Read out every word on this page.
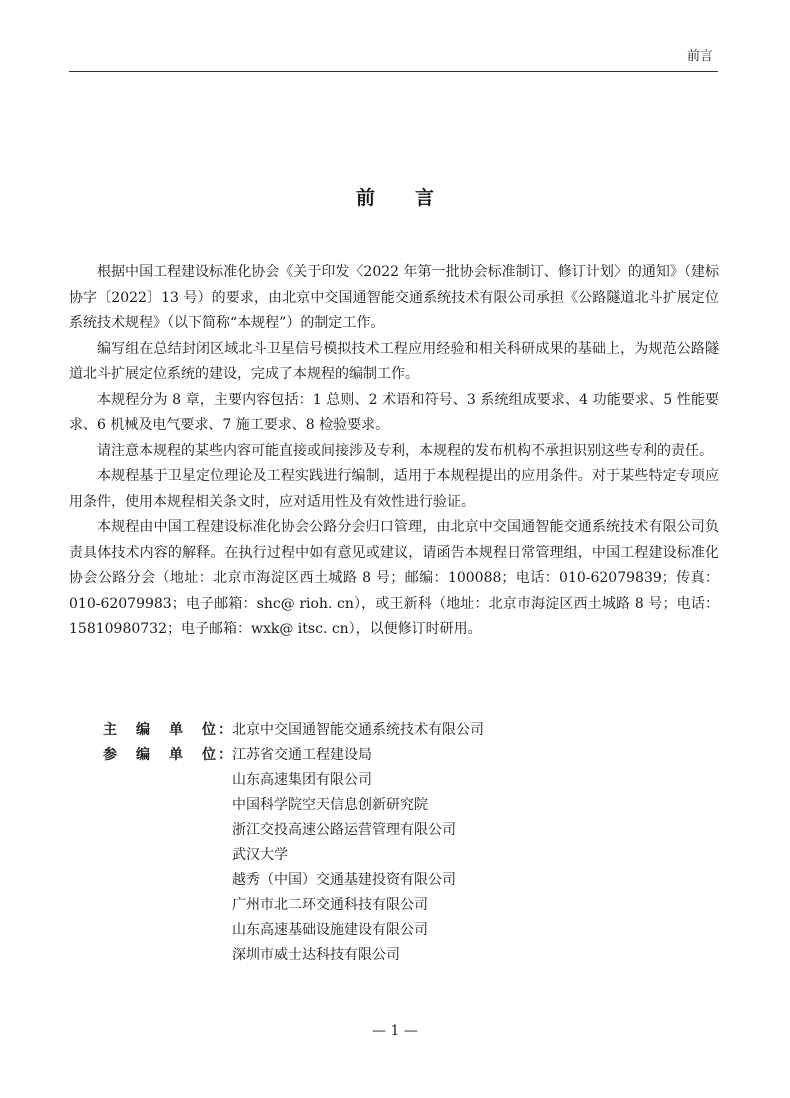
前言
前言

根据中国工程建设标准化协会《关于印发〈2022 年第一批协会标准制订、修订计划〉的通知》（建标协字〔2022〕13 号）的要求，由北京中交国通智能交通系统技术有限公司承担《公路隧道北斗扩展定位系统技术规程》（以下简称“本规程”）的制定工作。

编写组在总结封闭区域北斗卫星信号模拟技术工程应用经验和相关科研成果的基础上，为规范公路隧道北斗扩展定位系统的建设，完成了本规程的编制工作。

本规程分为 8 章，主要内容包括：1 总则、2 术语和符号、3 系统组成要求、4 功能要求、5 性能要求、6 机械及电气要求、7 施工要求、8 检验要求。

请注意本规程的某些内容可能直接或间接涉及专利，本规程的发布机构不承担识别这些专利的责任。

本规程基于卫星定位理论及工程实践进行编制，适用于本规程提出的应用条件。对于某些特定专项应用条件，使用本规程相关条文时，应对适用性及有效性进行验证。

本规程由中国工程建设标准化协会公路分会归口管理，由北京中交国通智能交通系统技术有限公司负责具体技术内容的解释。在执行过程中如有意见或建议，请函告本规程日常管理组，中国工程建设标准化协会公路分会（地址：北京市海淀区西土城路 8 号；邮编：100088；电话：010-62079839；传真：010-62079983；电子邮箱：shc@ rioh. cn），或王新科（地址：北京市海淀区西土城路 8 号；电话：15810980732；电子邮箱：wxk@ itsc. cn），以便修订时研用。

主编单位 ： 北京中交国通智能交通系统技术有限公司
参编单位 ： 江苏省交通工程建设局
山东高速集团有限公司
中国科学院空天信息创新研究院
浙江交投高速公路运营管理有限公司
武汉大学
越秀（中国）交通基建投资有限公司
广州市北二环交通科技有限公司
山东高速基础设施建设有限公司
深圳市威士达科技有限公司
— 1 —
